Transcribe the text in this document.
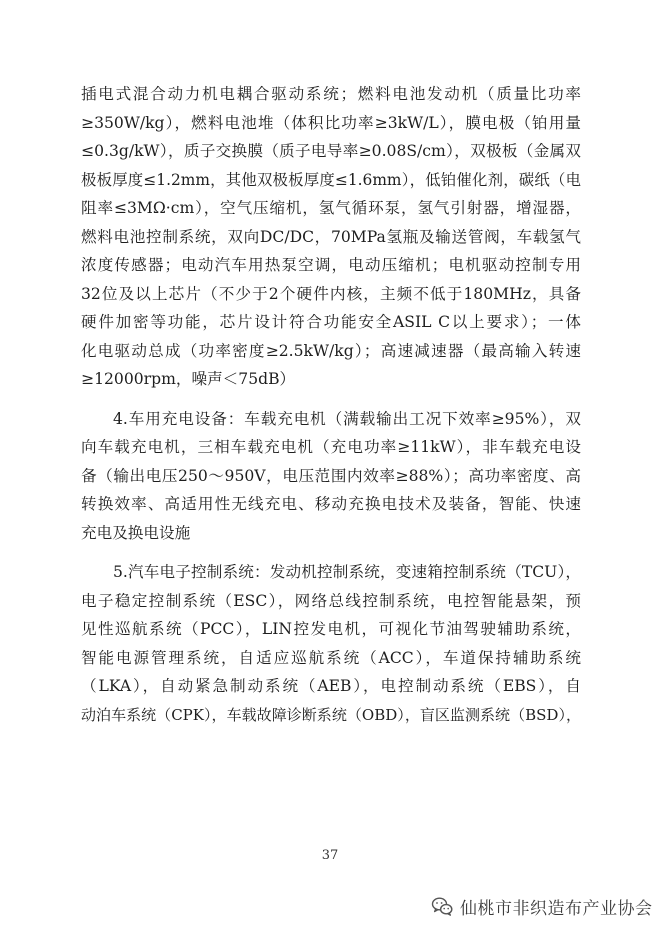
插电式混合动力机电耦合驱动系统；燃料电池发动机（质量比功率
≥350W/kg），燃料电池堆（体积比功率≥3kW/L），膜电极（铂用量
≤0.3g/kW），质子交换膜（质子电导率≥0.08S/cm），双极板（金属双
极板厚度≤1.2mm，其他双极板厚度≤1.6mm），低铂催化剂，碳纸（电
阻率≤3MΩ·cm），空气压缩机，氢气循环泵，氢气引射器，增湿器，
燃料电池控制系统，双向DC/DC，70MPa氢瓶及输送管阀，车载氢气
浓度传感器；电动汽车用热泵空调，电动压缩机；电机驱动控制专用
32位及以上芯片（不少于2个硬件内核，主频不低于180MHz，具备
硬件加密等功能，芯片设计符合功能安全ASIL C以上要求）；一体
化电驱动总成（功率密度≥2.5kW/kg）；高速减速器（最高输入转速
≥12000rpm，噪声＜75dB）
4.车用充电设备：车载充电机（满载输出工况下效率≥95%），双
向车载充电机，三相车载充电机（充电功率≥11kW），非车载充电设
备（输出电压250～950V，电压范围内效率≥88%）；高功率密度、高
转换效率、高适用性无线充电、移动充换电技术及装备，智能、快速
充电及换电设施
5.汽车电子控制系统：发动机控制系统，变速箱控制系统（TCU），
电子稳定控制系统（ESC），网络总线控制系统，电控智能悬架，预
见性巡航系统（PCC），LIN控发电机，可视化节油驾驶辅助系统，
智能电源管理系统，自适应巡航系统（ACC），车道保持辅助系统
（LKA），自动紧急制动系统（AEB），电控制动系统（EBS），自
动泊车系统（CPK），车载故障诊断系统（OBD），盲区监测系统（BSD），
37
仙桃市非织造布产业协会
